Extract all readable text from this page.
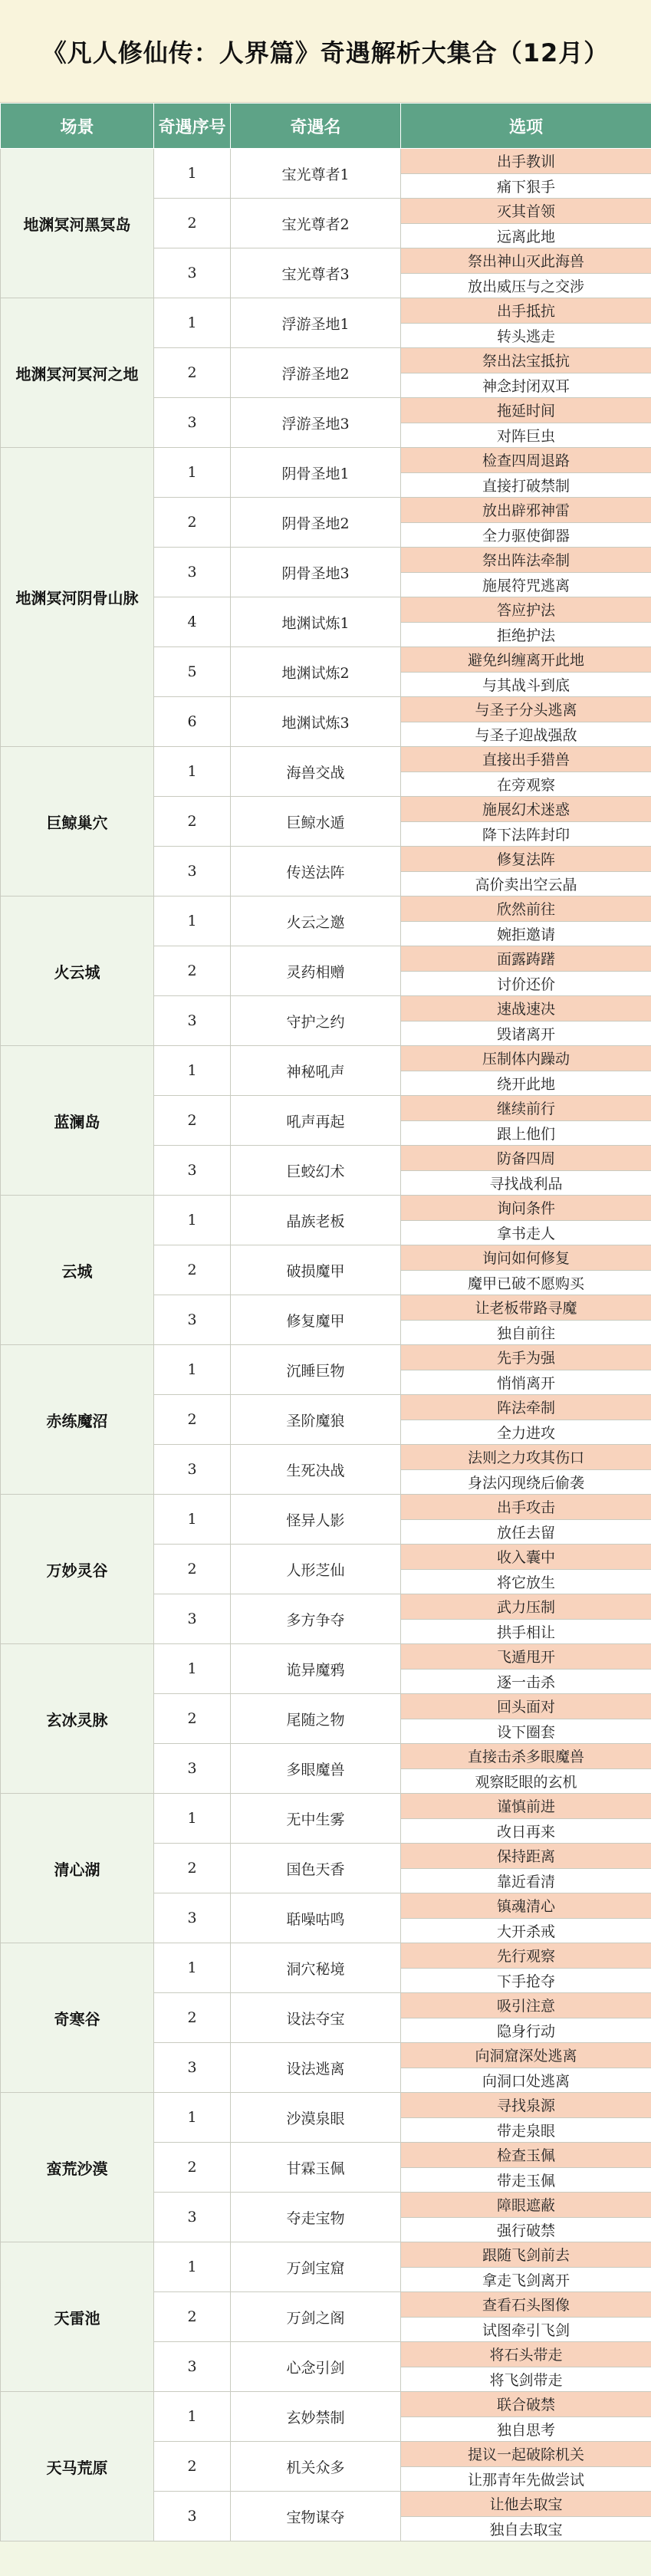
《凡人修仙传：人界篇》奇遇解析大集合（12月）
场景	奇遇序号	奇遇名	选项
地渊冥河黑冥岛	1	宝光尊者1	出手教训
			痛下狠手
	2	宝光尊者2	灭其首领
			远离此地
	3	宝光尊者3	祭出神山灭此海兽
			放出威压与之交涉
地渊冥河冥河之地	1	浮游圣地1	出手抵抗
			转头逃走
	2	浮游圣地2	祭出法宝抵抗
			神念封闭双耳
	3	浮游圣地3	拖延时间
			对阵巨虫
地渊冥河阴骨山脉	1	阴骨圣地1	检查四周退路
			直接打破禁制
	2	阴骨圣地2	放出辟邪神雷
			全力驱使御器
	3	阴骨圣地3	祭出阵法牵制
			施展符咒逃离
	4	地渊试炼1	答应护法
			拒绝护法
	5	地渊试炼2	避免纠缠离开此地
			与其战斗到底
	6	地渊试炼3	与圣子分头逃离
			与圣子迎战强敌
巨鲸巢穴	1	海兽交战	直接出手猎兽
			在旁观察
	2	巨鲸水遁	施展幻术迷惑
			降下法阵封印
	3	传送法阵	修复法阵
			高价卖出空云晶
火云城	1	火云之邀	欣然前往
			婉拒邀请
	2	灵药相赠	面露踌躇
			讨价还价
	3	守护之约	速战速决
			毁诸离开
蓝澜岛	1	神秘吼声	压制体内躁动
			绕开此地
	2	吼声再起	继续前行
			跟上他们
	3	巨蛟幻术	防备四周
			寻找战利品
云城	1	晶族老板	询问条件
			拿书走人
	2	破损魔甲	询问如何修复
			魔甲已破不愿购买
	3	修复魔甲	让老板带路寻魔
			独自前往
赤练魔沼	1	沉睡巨物	先手为强
			悄悄离开
	2	圣阶魔狼	阵法牵制
			全力进攻
	3	生死决战	法则之力攻其伤口
			身法闪现绕后偷袭
万妙灵谷	1	怪异人影	出手攻击
			放任去留
	2	人形芝仙	收入囊中
			将它放生
	3	多方争夺	武力压制
			拱手相让
玄冰灵脉	1	诡异魔鸦	飞遁甩开
			逐一击杀
	2	尾随之物	回头面对
			设下圈套
	3	多眼魔兽	直接击杀多眼魔兽
			观察眨眼的玄机
清心湖	1	无中生雾	谨慎前进
			改日再来
	2	国色天香	保持距离
			靠近看清
	3	聒噪咕鸣	镇魂清心
			大开杀戒
奇寒谷	1	洞穴秘境	先行观察
			下手抢夺
	2	设法夺宝	吸引注意
			隐身行动
	3	设法逃离	向洞窟深处逃离
			向洞口处逃离
蛮荒沙漠	1	沙漠泉眼	寻找泉源
			带走泉眼
	2	甘霖玉佩	检查玉佩
			带走玉佩
	3	夺走宝物	障眼遮蔽
			强行破禁
天雷池	1	万剑宝窟	跟随飞剑前去
			拿走飞剑离开
	2	万剑之阁	查看石头图像
			试图牵引飞剑
	3	心念引剑	将石头带走
			将飞剑带走
天马荒原	1	玄妙禁制	联合破禁
			独自思考
	2	机关众多	提议一起破除机关
			让那青年先做尝试
	3	宝物谋夺	让他去取宝
			独自去取宝
